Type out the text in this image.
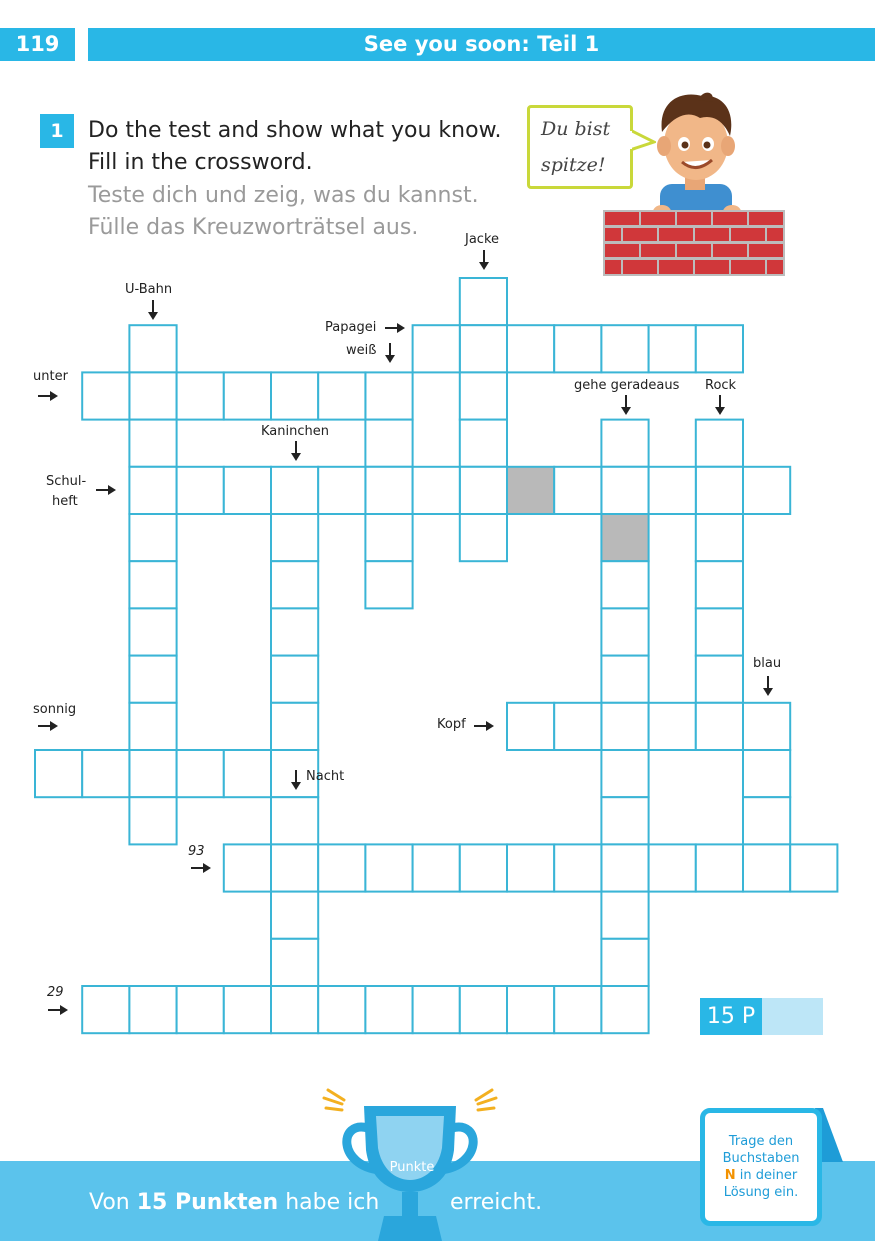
119	See you soon: Teil 1
1	Do the test and show what you know.
Fill in the crossword.
Teste dich und zeig, was du kannst.
Fülle das Kreuzworträtsel aus.
Du bist
spitze!
Jacke
U-Bahn
Papagei
weiß
unter
gehe geradeaus Rock
Kaninchen
Schul-
heft
blau
sonnig
Kopf
Nacht
93
29
15 P
Von 15 Punkten habe ich	erreicht.
Punkte
Trage den
Buchstaben
N in deiner
Lösung ein.
